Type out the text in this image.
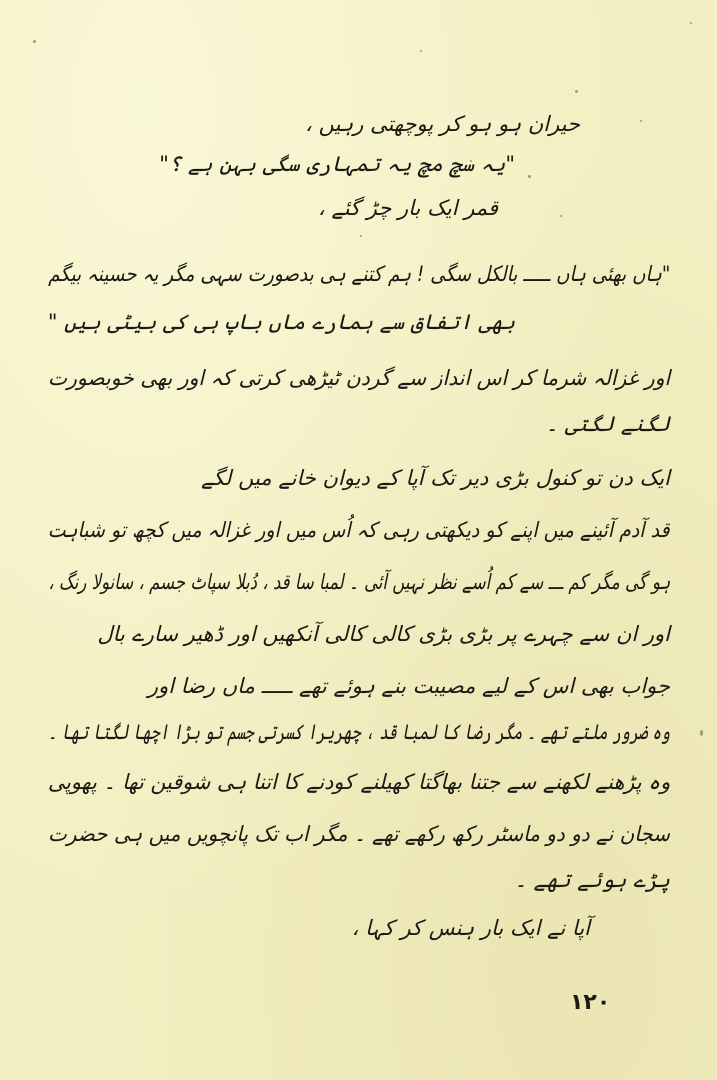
حیران ہو ہو کر پوچھتی رہیں ،
"یہ سچ مچ یہ تمہاری سگی بہن ہے ؟"
قمر ایک بار چڑ گئے ،
"ہاں بھئی ہاں ـــــ بالکل سگی ! ہم کتنے ہی بدصورت سہی مگر یہ حسینہ بیگم
بھی اتفاق سے ہمارے ماں باپ ہی کی بیٹی ہیں "
اور غزالہ شرما کر اس انداز سے گردن ٹیڑھی کرتی کہ اور بھی خوبصورت
لگنے لگتی ۔
ایک دن تو کنول بڑی دیر تک آپا کے دیوان خانے میں لگے
قد آدم آئینے میں اپنے کو دیکھتی رہی کہ اُس میں اور غزالہ میں کچھ تو شباہت
ہو گی مگر کم ـــ سے کم اُسے نظر نہیں آئی ۔ لمبا سا قد ، دُبلا سپاٹ جسم ، سانولا رنگ ،
اور ان سے چہرے پر بڑی بڑی کالی کالی آنکھیں اور ڈھیر سارے بال
جواب بھی اس کے لیے مصیبت بنے ہوئے تھے ـــــ ماں رضا اور
وہ ضرور ملتے تھے ۔ مگر رضا کا لمبا قد ، چھریرا کسرتی جسم تو بڑا اچھا لگتا تھا ۔
وہ پڑھنے لکھنے سے جتنا بھاگتا کھیلنے کودنے کا اتنا ہی شوقین تھا ۔ پھوپی
سجان نے دو دو ماسٹر رکھ رکھے تھے ۔ مگر اب تک پانچویں میں ہی حضرت
پڑے ہوئے تھے ۔
آپا نے ایک بار ہنس کر کہا ،
۱۲۰
